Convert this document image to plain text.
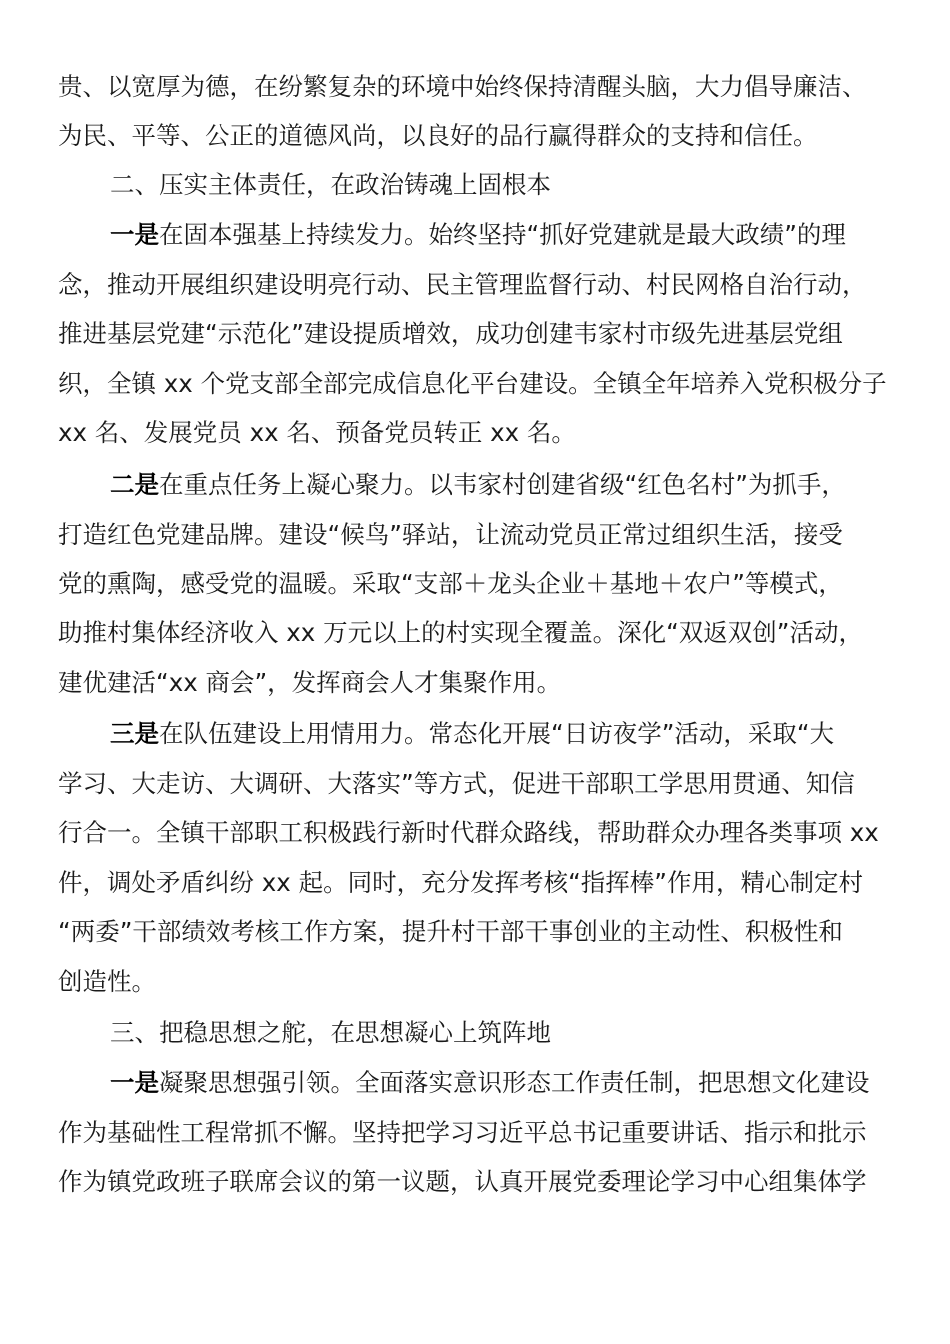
贵、以宽厚为德，在纷繁复杂的环境中始终保持清醒头脑，大力倡导廉洁、
为民、平等、公正的道德风尚，以良好的品行赢得群众的支持和信任。
二、压实主体责任，在政治铸魂上固根本
一是在固本强基上持续发力。始终坚持“抓好党建就是最大政绩”的理
念，推动开展组织建设明亮行动、民主管理监督行动、村民网格自治行动，
推进基层党建“示范化”建设提质增效，成功创建韦家村市级先进基层党组
织，全镇 xx 个党支部全部完成信息化平台建设。全镇全年培养入党积极分子
xx 名、发展党员 xx 名、预备党员转正 xx 名。
二是在重点任务上凝心聚力。以韦家村创建省级“红色名村”为抓手，
打造红色党建品牌。建设“候鸟”驿站，让流动党员正常过组织生活，接受
党的熏陶，感受党的温暖。采取“支部＋龙头企业＋基地＋农户”等模式，
助推村集体经济收入 xx 万元以上的村实现全覆盖。深化“双返双创”活动，
建优建活“xx 商会”，发挥商会人才集聚作用。
三是在队伍建设上用情用力。常态化开展“日访夜学”活动，采取“大
学习、大走访、大调研、大落实”等方式，促进干部职工学思用贯通、知信
行合一。全镇干部职工积极践行新时代群众路线，帮助群众办理各类事项 xx
件，调处矛盾纠纷 xx 起。同时，充分发挥考核“指挥棒”作用，精心制定村
“两委”干部绩效考核工作方案，提升村干部干事创业的主动性、积极性和
创造性。
三、把稳思想之舵，在思想凝心上筑阵地
一是凝聚思想强引领。全面落实意识形态工作责任制，把思想文化建设
作为基础性工程常抓不懈。坚持把学习习近平总书记重要讲话、指示和批示
作为镇党政班子联席会议的第一议题，认真开展党委理论学习中心组集体学
